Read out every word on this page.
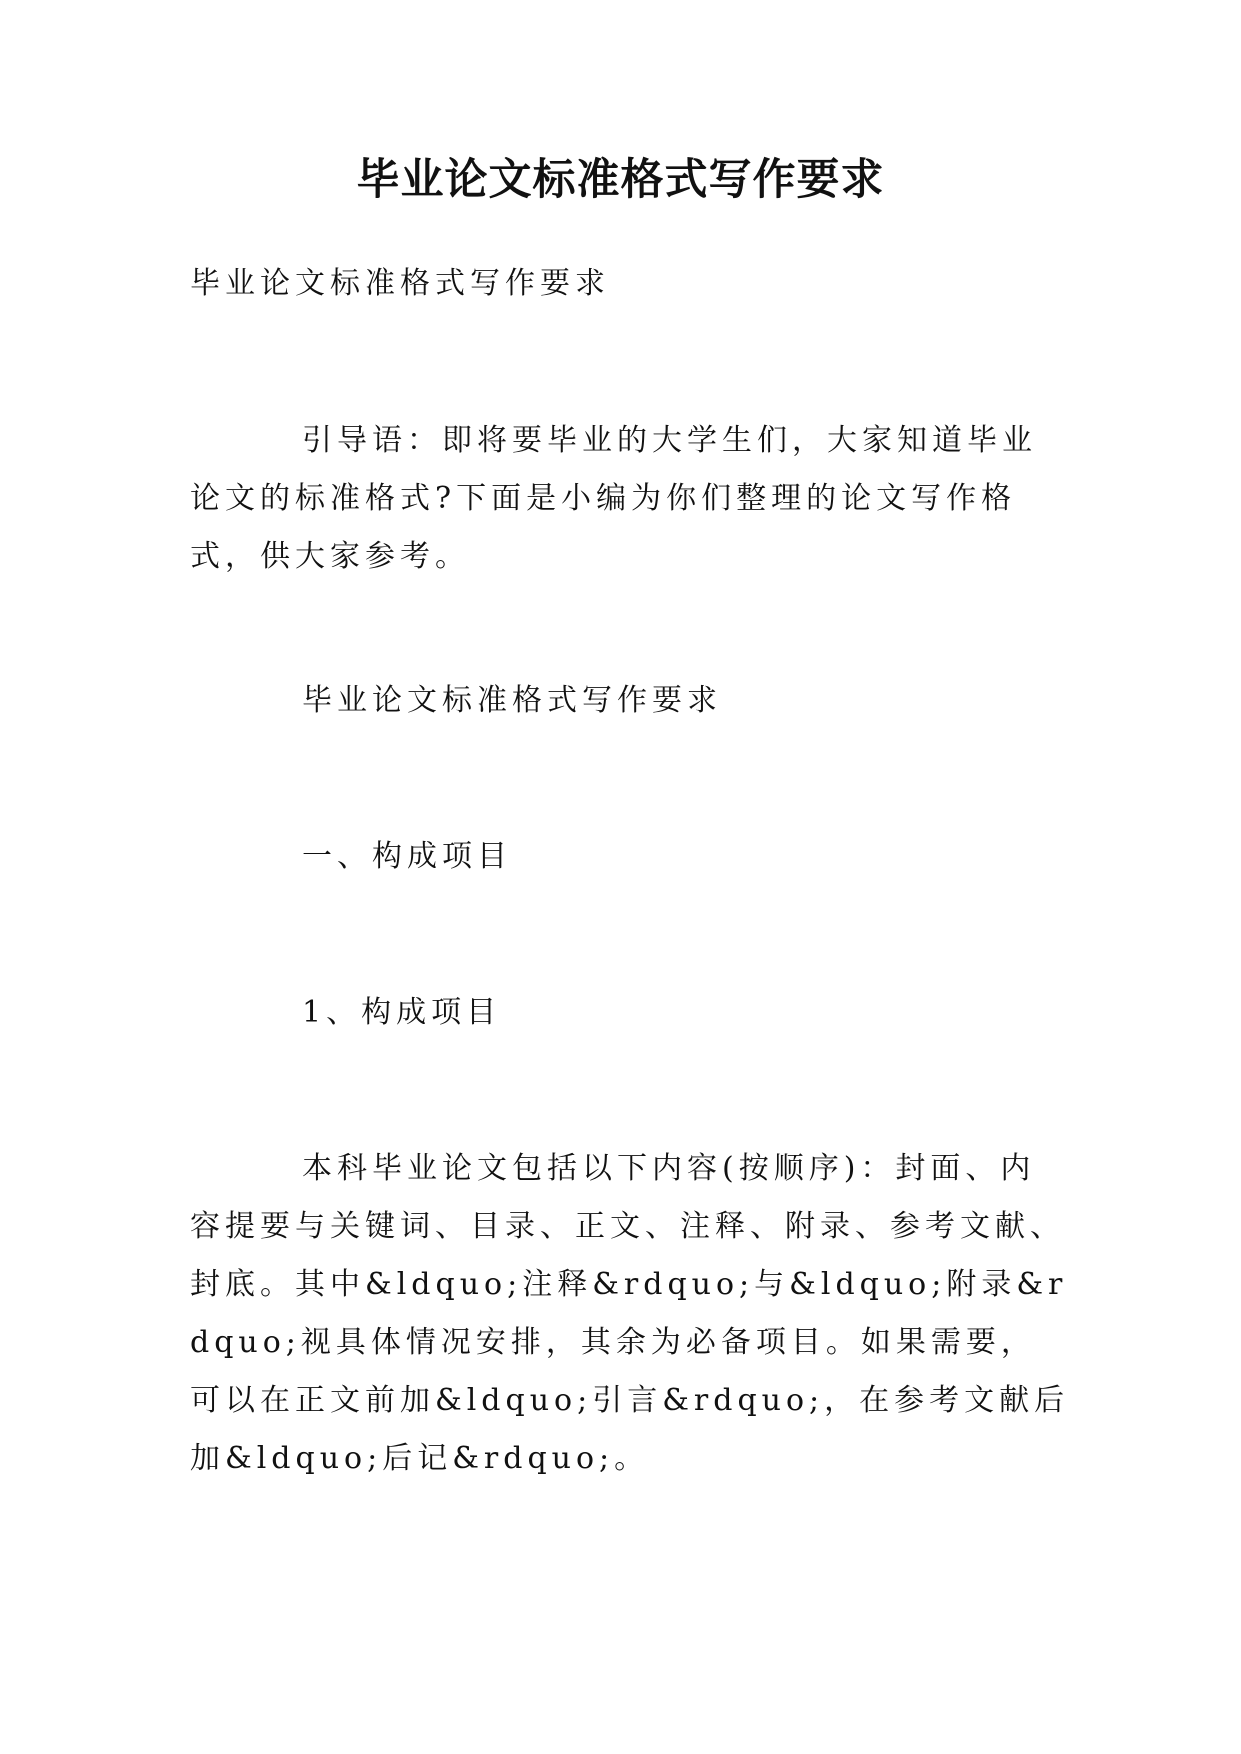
毕业论文标准格式写作要求

毕业论文标准格式写作要求

引导语：即将要毕业的大学生们，大家知道毕业论文的标准格式?下面是小编为你们整理的论文写作格式，供大家参考。

毕业论文标准格式写作要求

一、构成项目

1、构成项目

本科毕业论文包括以下内容(按顺序)：封面、内容提要与关键词、目录、正文、注释、附录、参考文献、封底。其中&ldquo;注释&rdquo;与&ldquo;附录&rdquo;视具体情况安排，其余为必备项目。如果需要，可以在正文前加&ldquo;引言&rdquo;，在参考文献后加&ldquo;后记&rdquo;。
